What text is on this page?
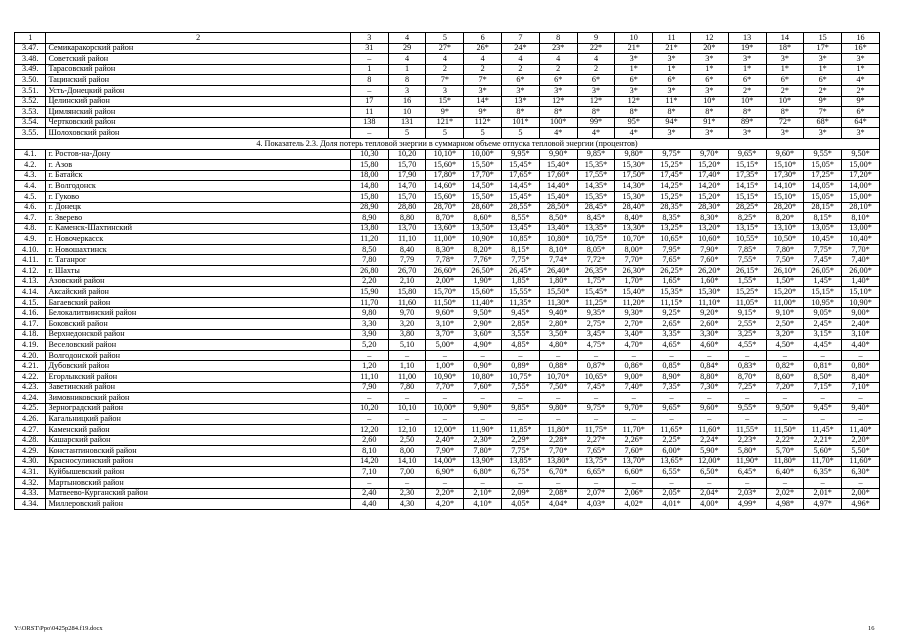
1	2	3	4	5	6	7	8	9	10	11	12	13	14	15	16
3.47.	Семикаракорский район	31	29	27*	26*	24*	23*	22*	21*	21*	20*	19*	18*	17*	16*
3.48.	Советский район	–	4	4	4	4	4	4	3*	3*	3*	3*	3*	3*	3*
3.49.	Тарасовский район	1	1	2	2	2	2	2	1*	1*	1*	1*	1*	1*	1*
3.50.	Тацинский район	8	8	7*	7*	6*	6*	6*	6*	6*	6*	6*	6*	6*	4*
3.51.	Усть-Донецкий район	–	3	3	3*	3*	3*	3*	3*	3*	3*	2*	2*	2*	2*
3.52.	Целинский район	17	16	15*	14*	13*	12*	12*	12*	11*	10*	10*	10*	9*	9*
3.53.	Цимлянский район	11	10	9*	9*	8*	8*	8*	8*	8*	8*	8*	8*	7*	6*
3.54.	Чертковский район	138	131	121*	112*	101*	100*	99*	95*	94*	91*	89*	72*	68*	64*
3.55.	Шолоховский район	–	5	5	5	5	4*	4*	4*	3*	3*	3*	3*	3*	3*
4. Показатель 2.3. Доля потерь тепловой энергии в суммарном объеме отпуска тепловой энергии (процентов)															
4.1.	г. Ростов-на-Дону	10,30	10,20	10,10*	10,00*	9,95*	9,90*	9,85*	9,80*	9,75*	9,70*	9,65*	9,60*	9,55*	9,50*
4.2.	г. Азов	15,80	15,70	15,60*	15,50*	15,45*	15,40*	15,35*	15,30*	15,25*	15,20*	15,15*	15,10*	15,05*	15,00*
4.3.	г. Батайск	18,00	17,90	17,80*	17,70*	17,65*	17,60*	17,55*	17,50*	17,45*	17,40*	17,35*	17,30*	17,25*	17,20*
4.4.	г. Волгодонск	14,80	14,70	14,60*	14,50*	14,45*	14,40*	14,35*	14,30*	14,25*	14,20*	14,15*	14,10*	14,05*	14,00*
4.5.	г. Гуково	15,80	15,70	15,60*	15,50*	15,45*	15,40*	15,35*	15,30*	15,25*	15,20*	15,15*	15,10*	15,05*	15,00*
4.6.	г. Донецк	28,90	28,80	28,70*	28,60*	28,55*	28,50*	28,45*	28,40*	28,35*	28,30*	28,25*	28,20*	28,15*	28,10*
4.7.	г. Зверево	8,90	8,80	8,70*	8,60*	8,55*	8,50*	8,45*	8,40*	8,35*	8,30*	8,25*	8,20*	8,15*	8,10*
4.8.	г. Каменск-Шахтинский	13,80	13,70	13,60*	13,50*	13,45*	13,40*	13,35*	13,30*	13,25*	13,20*	13,15*	13,10*	13,05*	13,00*
4.9.	г. Новочеркасск	11,20	11,10	11,00*	10,90*	10,85*	10,80*	10,75*	10,70*	10,65*	10,60*	10,55*	10,50*	10,45*	10,40*
4.10.	г. Новошахтинск	8,50	8,40	8,30*	8,20*	8,15*	8,10*	8,05*	8,00*	7,95*	7,90*	7,85*	7,80*	7,75*	7,70*
4.11.	г. Таганрог	7,80	7,79	7,78*	7,76*	7,75*	7,74*	7,72*	7,70*	7,65*	7,60*	7,55*	7,50*	7,45*	7,40*
4.12.	г. Шахты	26,80	26,70	26,60*	26,50*	26,45*	26,40*	26,35*	26,30*	26,25*	26,20*	26,15*	26,10*	26,05*	26,00*
4.13.	Азовский район	2,20	2,10	2,00*	1,90*	1,85*	1,80*	1,75*	1,70*	1,65*	1,60*	1,55*	1,50*	1,45*	1,40*
4.14.	Аксайский район	15,90	15,80	15,70*	15,60*	15,55*	15,50*	15,45*	15,40*	15,35*	15,30*	15,25*	15,20*	15,15*	15,10*
4.15.	Багаевский район	11,70	11,60	11,50*	11,40*	11,35*	11,30*	11,25*	11,20*	11,15*	11,10*	11,05*	11,00*	10,95*	10,90*
4.16.	Белокалитвинский район	9,80	9,70	9,60*	9,50*	9,45*	9,40*	9,35*	9,30*	9,25*	9,20*	9,15*	9,10*	9,05*	9,00*
4.17.	Боковский район	3,30	3,20	3,10*	2,90*	2,85*	2,80*	2,75*	2,70*	2,65*	2,60*	2,55*	2,50*	2,45*	2,40*
4.18.	Верхнедонской район	3,90	3,80	3,70*	3,60*	3,55*	3,50*	3,45*	3,40*	3,35*	3,30*	3,25*	3,20*	3,15*	3,10*
4.19.	Веселовский район	5,20	5,10	5,00*	4,90*	4,85*	4,80*	4,75*	4,70*	4,65*	4,60*	4,55*	4,50*	4,45*	4,40*
4.20.	Волгодонской район	–	–	–	–	–	–	–	–	–	–	–	–	–	–
4.21.	Дубовский район	1,20	1,10	1,00*	0,90*	0,89*	0,88*	0,87*	0,86*	0,85*	0,84*	0,83*	0,82*	0,81*	0,80*
4.22.	Егорлыкский район	11,10	11,00	10,90*	10,80*	10,75*	10,70*	10,65*	9,00*	8,90*	8,80*	8,70*	8,60*	8,50*	8,40*
4.23.	Заветинский район	7,90	7,80	7,70*	7,60*	7,55*	7,50*	7,45*	7,40*	7,35*	7,30*	7,25*	7,20*	7,15*	7,10*
4.24.	Зимовниковский район	–	–	–	–	–	–	–	–	–	–	–	–	–	–
4.25.	Зерноградский район	10,20	10,10	10,00*	9,90*	9,85*	9,80*	9,75*	9,70*	9,65*	9,60*	9,55*	9,50*	9,45*	9,40*
4.26.	Кагальницкий район	–	–	–	–	–	–	–	–	–	–	–	–	–	–
4.27.	Каменский район	12,20	12,10	12,00*	11,90*	11,85*	11,80*	11,75*	11,70*	11,65*	11,60*	11,55*	11,50*	11,45*	11,40*
4.28.	Кашарский район	2,60	2,50	2,40*	2,30*	2,29*	2,28*	2,27*	2,26*	2,25*	2,24*	2,23*	2,22*	2,21*	2,20*
4.29.	Константиновский район	8,10	8,00	7,90*	7,80*	7,75*	7,70*	7,65*	7,60*	6,00*	5,90*	5,80*	5,70*	5,60*	5,50*
4.30.	Красносулинский район	14,20	14,10	14,00*	13,90*	13,85*	13,80*	13,75*	13,70*	13,65*	12,00*	11,90*	11,80*	11,70*	11,60*
4.31.	Куйбышевский район	7,10	7,00	6,90*	6,80*	6,75*	6,70*	6,65*	6,60*	6,55*	6,50*	6,45*	6,40*	6,35*	6,30*
4.32.	Мартыновский район	–	–	–	–	–	–	–	–	–	–	–	–	–	–
4.33.	Матвеево-Курганский район	2,40	2,30	2,20*	2,10*	2,09*	2,08*	2,07*	2,06*	2,05*	2,04*	2,03*	2,02*	2,01*	2,00*
4.34.	Миллеровский район	4,40	4,30	4,20*	4,10*	4,05*	4,04*	4,03*	4,02*	4,01*	4,00*	4,99*	4,98*	4,97*	4,96*
Y:\ORST\Ppo\0425p284.f19.docx	16
